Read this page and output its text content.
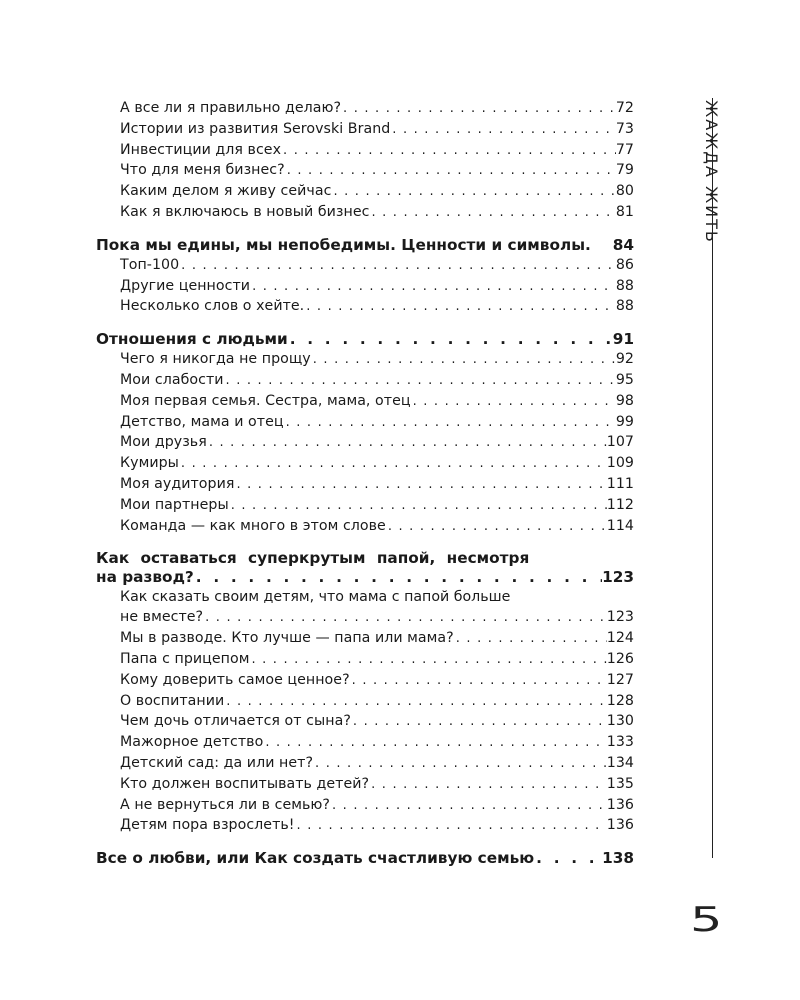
ЖАЖДА ЖИТЬ
А все ли я правильно делаю? . . .	72
Истории из развития Serovski Brand . . .	73
Инвестиции для всех . . .	77
Что для меня бизнес? . . .	79
Каким делом я живу сейчас . . .	80
Как я включаюсь в новый бизнес . . .	81
Пока мы едины, мы непобедимы. Ценности и символы. 84
Топ-100 . . .	86
Другие ценности . . .	88
Несколько слов о хейте. . . .	88
Отношения с людьми . . .	91
Чего я никогда не прощу . . .	92
Мои слабости . . .	95
Моя первая семья. Сестра, мама, отец . . .	98
Детство, мама и отец . . .	99
Мои друзья . . .	107
Кумиры . . .	109
Моя аудитория . . .	111
Мои партнеры . . .	112
Команда — как много в этом слове . . .	114
Как оставаться суперкрутым папой, несмотря
на развод? . . .	123
Как сказать своим детям, что мама с папой больше
не вместе? . . .	123
Мы в разводе. Кто лучше — папа или мама? . . .	124
Папа с прицепом . . .	126
Кому доверить самое ценное? . . .	127
О воспитании . . .	128
Чем дочь отличается от сына? . . .	130
Мажорное детство . . .	133
Детский сад: да или нет? . . .	134
Кто должен воспитывать детей? . . .	135
А не вернуться ли в семью? . . .	136
Детям пора взрослеть! . . .	136
Все о любви, или Как создать счастливую семью . . .	138
5
